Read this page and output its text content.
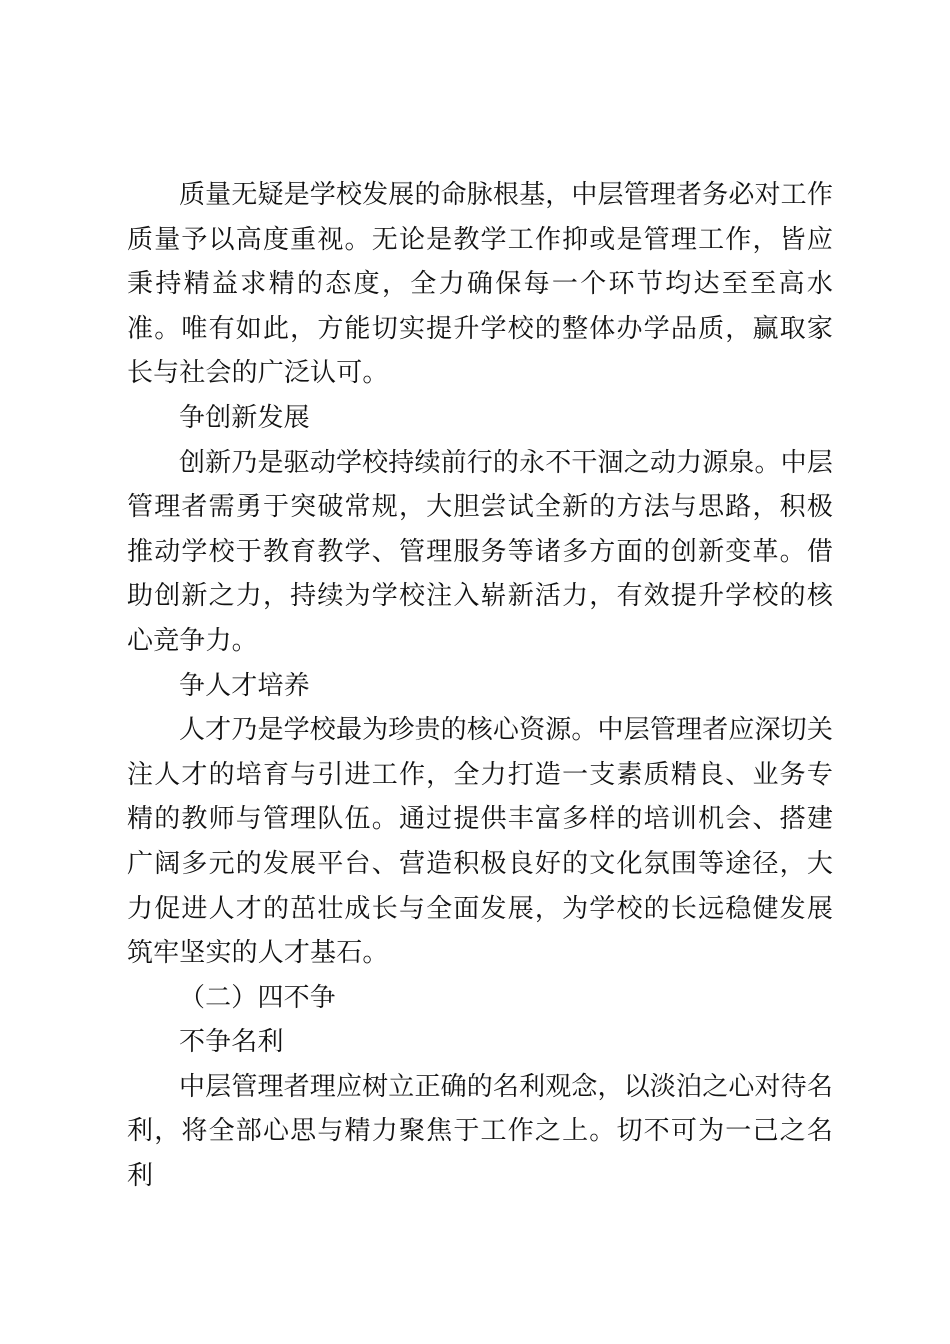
质量无疑是学校发展的命脉根基，中层管理者务必对工作质量予以高度重视。无论是教学工作抑或是管理工作，皆应秉持精益求精的态度，全力确保每一个环节均达至至高水准。唯有如此，方能切实提升学校的整体办学品质，赢取家长与社会的广泛认可。

争创新发展

创新乃是驱动学校持续前行的永不干涸之动力源泉。中层管理者需勇于突破常规，大胆尝试全新的方法与思路，积极推动学校于教育教学、管理服务等诸多方面的创新变革。借助创新之力，持续为学校注入崭新活力，有效提升学校的核心竞争力。

争人才培养

人才乃是学校最为珍贵的核心资源。中层管理者应深切关注人才的培育与引进工作，全力打造一支素质精良、业务专精的教师与管理队伍。通过提供丰富多样的培训机会、搭建广阔多元的发展平台、营造积极良好的文化氛围等途径，大力促进人才的茁壮成长与全面发展，为学校的长远稳健发展筑牢坚实的人才基石。

（二）四不争

不争名利

中层管理者理应树立正确的名利观念，以淡泊之心对待名利，将全部心思与精力聚焦于工作之上。切不可为一己之名利
